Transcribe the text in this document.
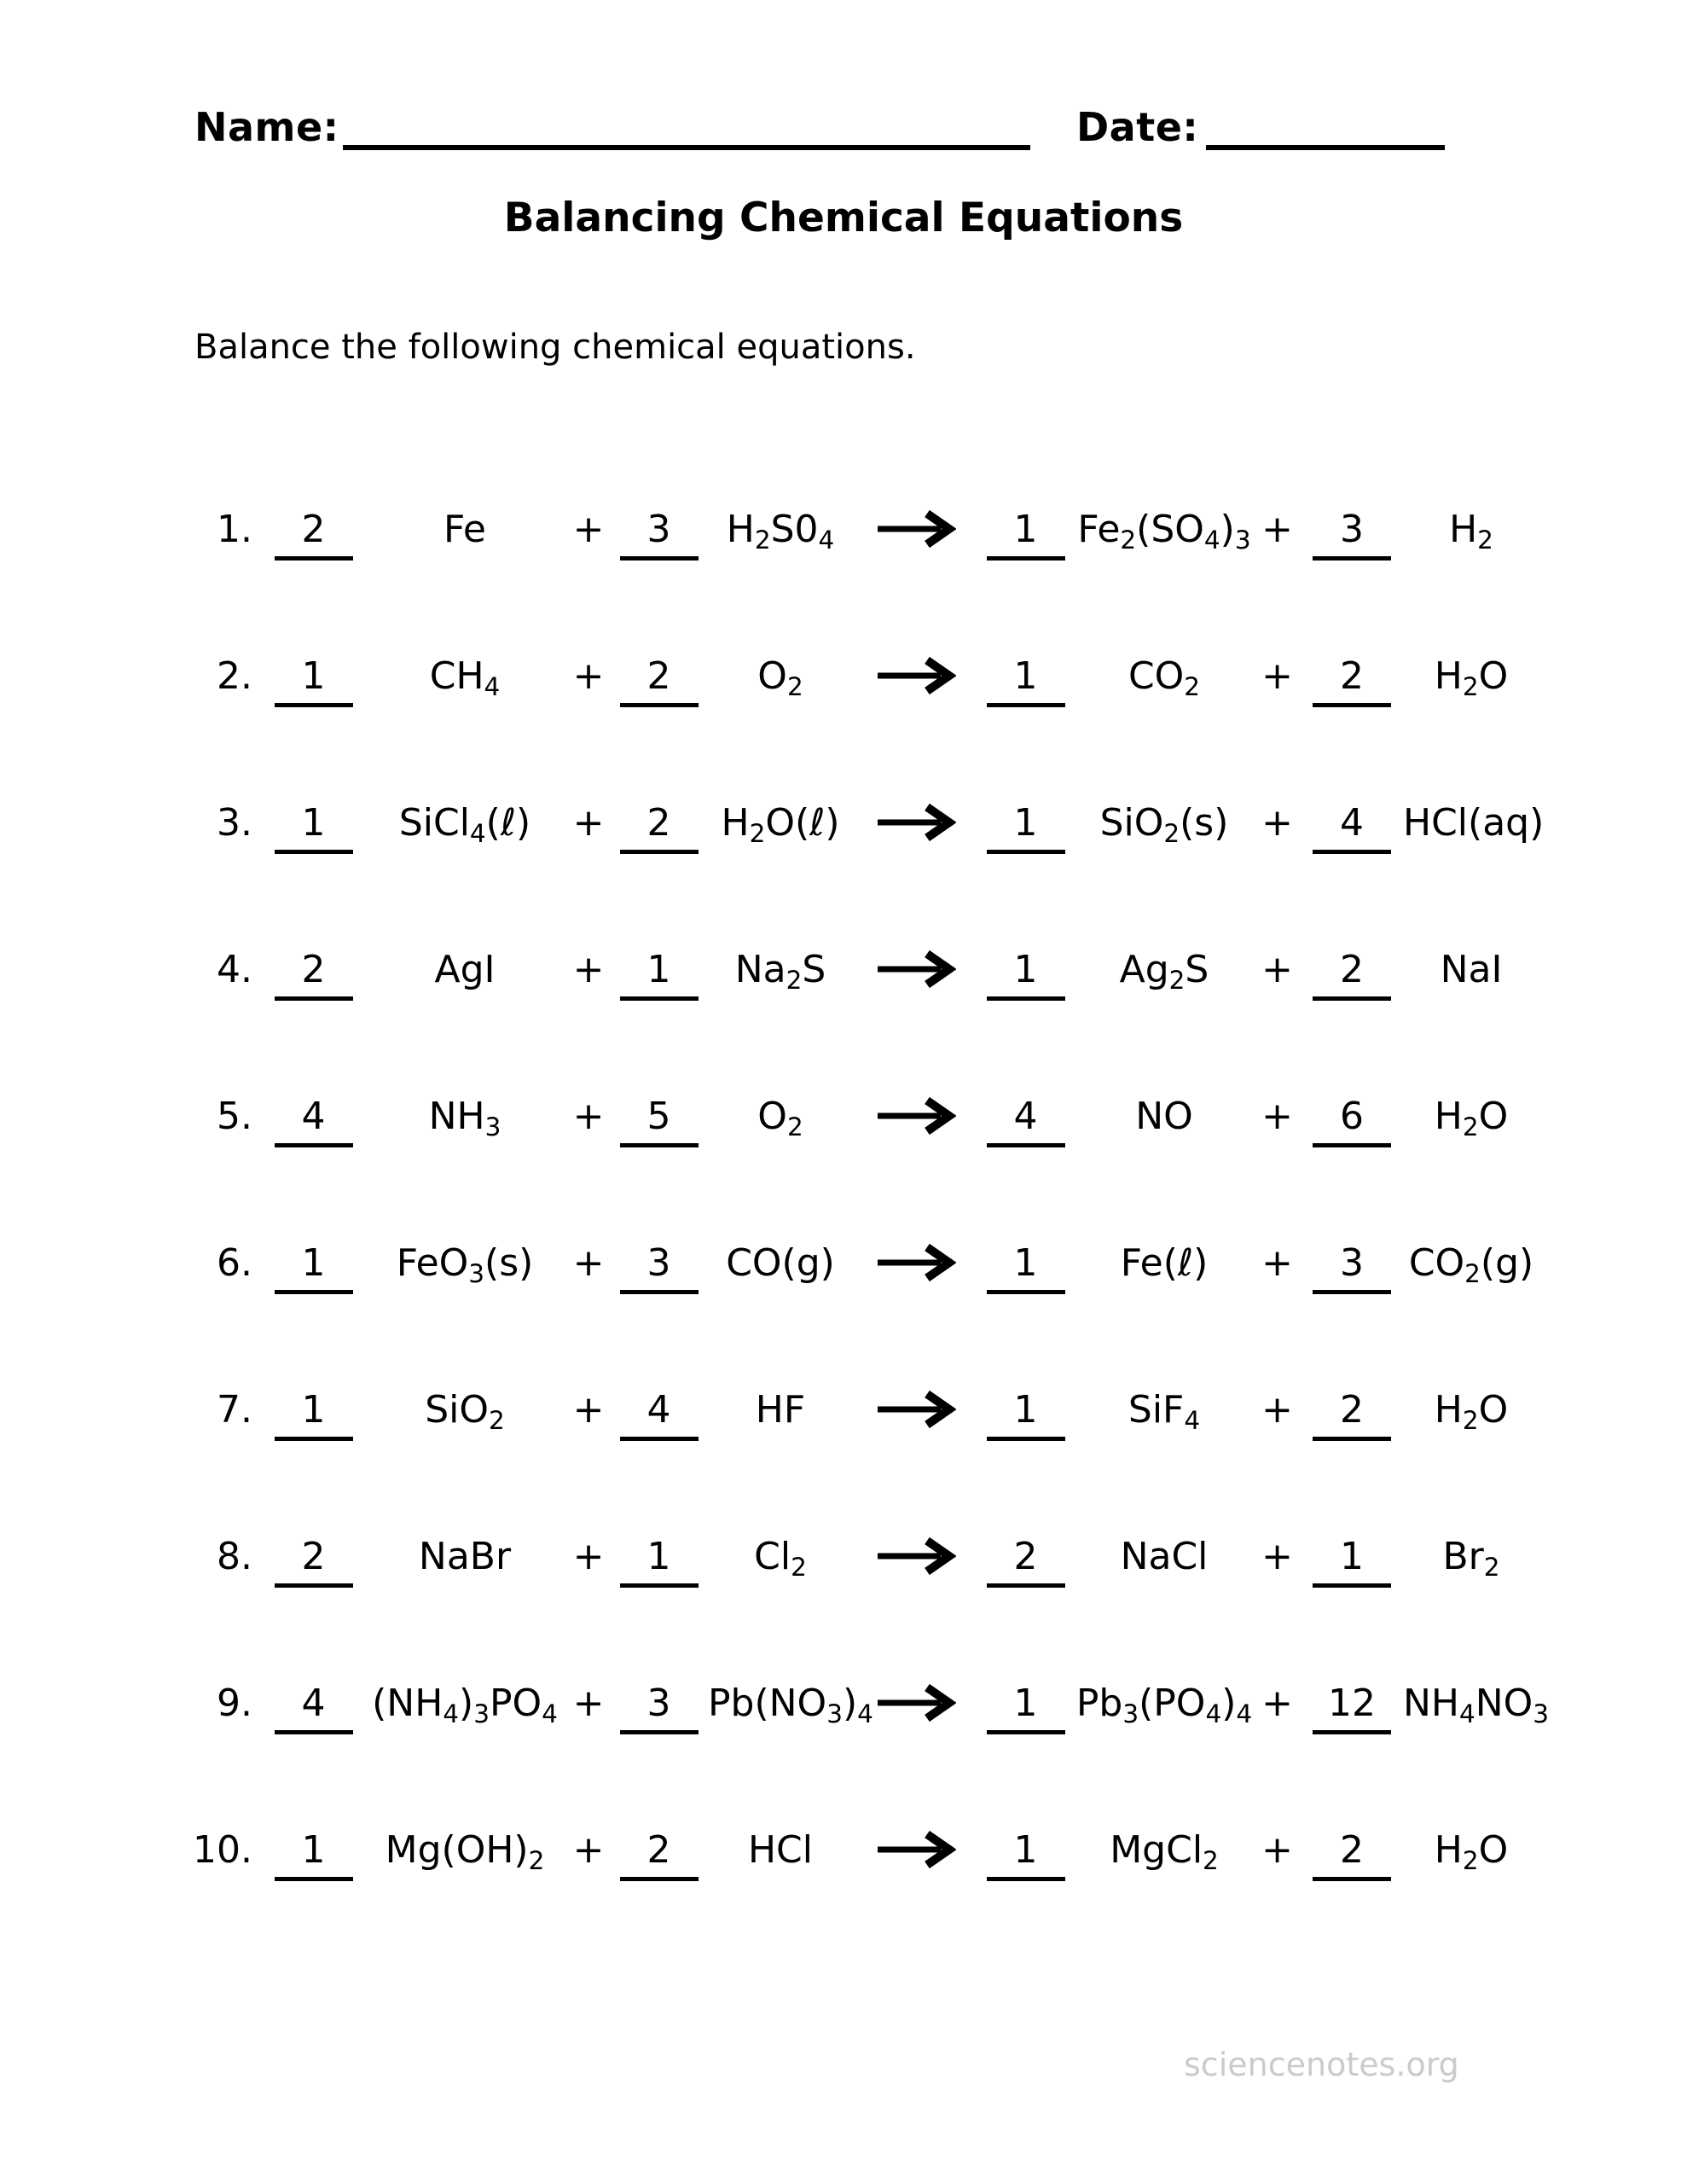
Name:	Date:
Balancing Chemical Equations
Balance the following chemical equations.
1.	2	Fe	+	3	$H_2S0_4 \to 1$	$Fe_2(SO_4)_3$ +	3	$H_2$
2.	1	$CH_4$	+	2	$O_2$	→ 1	$CO_2$	+	2	$H_2O$
3.	1	SiCl$_4$(ℓ)	+	2	$H_2O(\ell) \to 1$	SiO$_2$(s) +	4	HCl(aq)
4.	2	AgI	+	1	$Na_2S \to 1$	$Ag_2S$	+	2	NaI
5.	4	$NH_3$	+	5	$O_2$	→ 4	NO	+	6	$H_2O$
6.	1	FeO$_3$(s)	+	3	CO(g) → 1	Fe(ℓ)	+	3	$CO_2(g)$
7.	1	SiO$_2$	+	4	HF	→ 1	SiF$_4$	+	2	$H_2O$
8.	2	NaBr	+	1	$Cl_2$	→ 2	NaCl	+	1	$Br_2$
9.	4	$(NH_4)_3PO_4$ +	3 $Pb(NO_3)_4 \to 1$	$Pb_3(PO_4)_4 + 12$ $NH_4NO_3$
10.	1	$Mg(OH)_2$ +	2	HCl	→ 1	MgCl$_2$	+	2	$H_2O$
sciencenotes.org
